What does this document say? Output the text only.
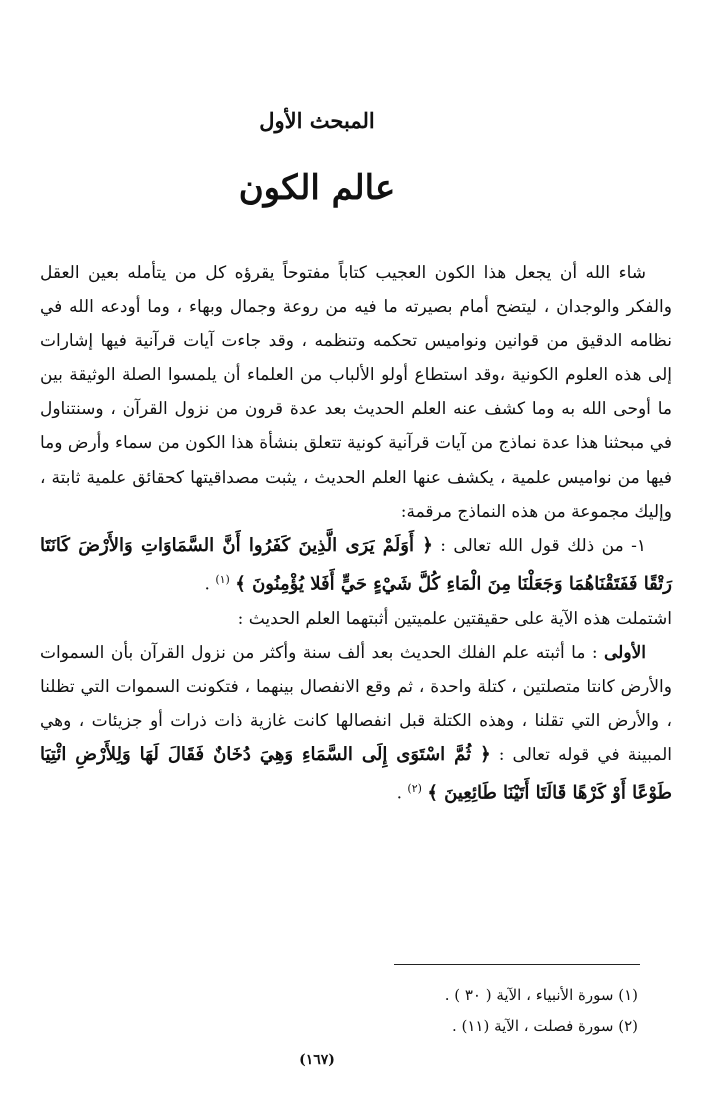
المبحث الأول
عالم الكون

شاء الله أن يجعل هذا الكون العجيب كتاباً مفتوحاً يقرؤه كل من يتأمله بعين العقل والفكر والوجدان ، ليتضح أمام بصيرته ما فيه من روعة وجمال وبهاء ، وما أودعه الله في نظامه الدقيق من قوانين ونواميس تحكمه وتنظمه ، وقد جاءت آيات قرآنية فيها إشارات إلى هذه العلوم الكونية ،وقد استطاع أولو الألباب من العلماء أن يلمسوا الصلة الوثيقة بين ما أوحى الله به وما كشف عنه العلم الحديث بعد عدة قرون من نزول القرآن ، وسنتناول في مبحثنا هذا عدة نماذج من آيات قرآنية كونية تتعلق بنشأة هذا الكون من سماء وأرض وما فيها من نواميس علمية ، يكشف عنها العلم الحديث ، يثبت مصداقيتها كحقائق علمية ثابتة ، وإليك مجموعة من هذه النماذج مرقمة:

١- من ذلك قول الله تعالى : ﴿ أَوَلَمْ يَرَى الَّذِينَ كَفَرُوا أَنَّ السَّمَاوَاتِ وَالأَرْضَ كَانَتَا رَتْقًا فَفَتَقْنَاهُمَا وَجَعَلْنَا مِنَ الْمَاءِ كُلَّ شَيْءٍ حَيٍّ أَفَلا يُؤْمِنُونَ ﴾ $^{(١)}$ .

اشتملت هذه الآية على حقيقتين علميتين أثبتهما العلم الحديث :

الأولى : ما أثبته علم الفلك الحديث بعد ألف سنة وأكثر من نزول القرآن بأن السموات والأرض كانتا متصلتين ، كتلة واحدة ، ثم وقع الانفصال بينهما ، فتكونت السموات التي تظلنا ، والأرض التي تقلنا ، وهذه الكتلة قبل انفصالها كانت غازية ذات ذرات أو جزيئات ، وهي المبينة في قوله تعالى : ﴿ ثُمَّ اسْتَوَى إِلَى السَّمَاءِ وَهِيَ دُخَانٌ فَقَالَ لَهَا وَلِلأَرْضِ ائْتِيَا طَوْعًا أَوْ كَرْهًا قَالَتَا أَتَيْنَا طَائِعِينَ ﴾ $^{(٢)}$ .

(١) سورة الأنبياء ، الآية ( ٣٠ ) .

(٢) سورة فصلت ، الآية (١١) .

(١٦٧)
